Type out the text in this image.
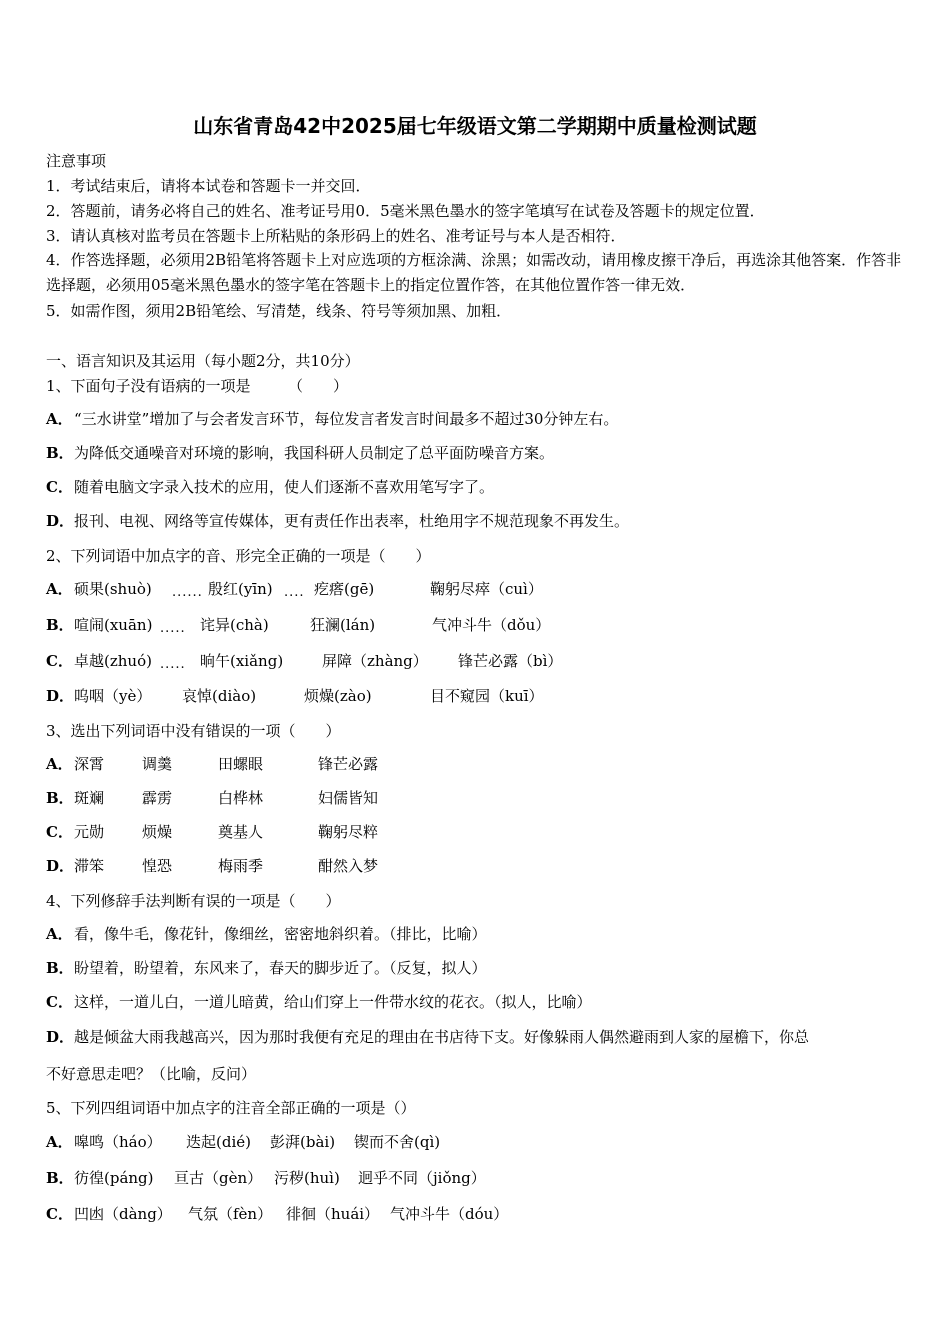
山东省青岛42中2025届七年级语文第二学期期中质量检测试题
注意事项
1．考试结束后，请将本试卷和答题卡一并交回．
2．答题前，请务必将自己的姓名、准考证号用0．5毫米黑色墨水的签字笔填写在试卷及答题卡的规定位置．
3．请认真核对监考员在答题卡上所粘贴的条形码上的姓名、准考证号与本人是否相符．
4．作答选择题，必须用2B铅笔将答题卡上对应选项的方框涂满、涂黑；如需改动，请用橡皮擦干净后，再选涂其他答案．作答非选择题，必须用05毫米黑色墨水的签字笔在答题卡上的指定位置作答，在其他位置作答一律无效．
5．如需作图，须用2B铅笔绘、写清楚，线条、符号等须加黑、加粗．
一、语言知识及其运用（每小题2分，共10分）
1、下面句子没有语病的一项是　　　（　　）
A．“三水讲堂”增加了与会者发言环节，每位发言者发言时间最多不超过30分钟左右。
B．为降低交通噪音对环境的影响，我国科研人员制定了总平面防噪音方案。
C．随着电脑文字录入技术的应用，使人们逐渐不喜欢用笔写字了。
D．报刊、电视、网络等宣传媒体，更有责任作出表率，杜绝用字不规范现象不再发生。
2、下列词语中加点字的音、形完全正确的一项是（　　）
A．硕果(shuò) ...... 殷红(yīn) .... 疙瘩(gē)	鞠躬尽瘁（cuì）
B．喧闹(xuān) ..... 诧异(chà)	狂澜(lán)	气冲斗牛（dǒu）
C．卓越(zhuó) ..... 晌午(xiǎng)	屏障（zhàng） 锋芒必露（bì）
D．呜咽（yè） 哀悼(diào)	烦燥(zào)	目不窥园（kuī）
3、选出下列词语中没有错误的一项（　　）
A．深霄	调羹	田螺眼	锋芒必露
B．斑斓	霹雳	白桦林	妇儒皆知
C．元勋	烦燥	奠基人	鞠躬尽粹
D．滞笨	惶恐	梅雨季	酣然入梦
4、下列修辞手法判断有误的一项是（　　）
A．看，像牛毛，像花针，像细丝，密密地斜织着。（排比，比喻）
B．盼望着，盼望着，东风来了，春天的脚步近了。（反复，拟人）
C．这样，一道儿白，一道儿暗黄，给山们穿上一件带水纹的花衣。（拟人，比喻）
D．越是倾盆大雨我越高兴，因为那时我便有充足的理由在书店待下支。好像躲雨人偶然避雨到人家的屋檐下，你总
不好意思走吧？（比喻，反问）
5、下列四组词语中加点字的注音全部正确的一项是（）
A．嗥鸣（háo） 迭起(dié) 彭湃(bài) 锲而不舍(qì)
B．彷徨(páng) 亘古（gèn） 污秽(huì) 迥乎不同（jiǒng）
C．凹凼（dàng） 气氛（fèn） 徘徊（huái） 气冲斗牛（dóu）
